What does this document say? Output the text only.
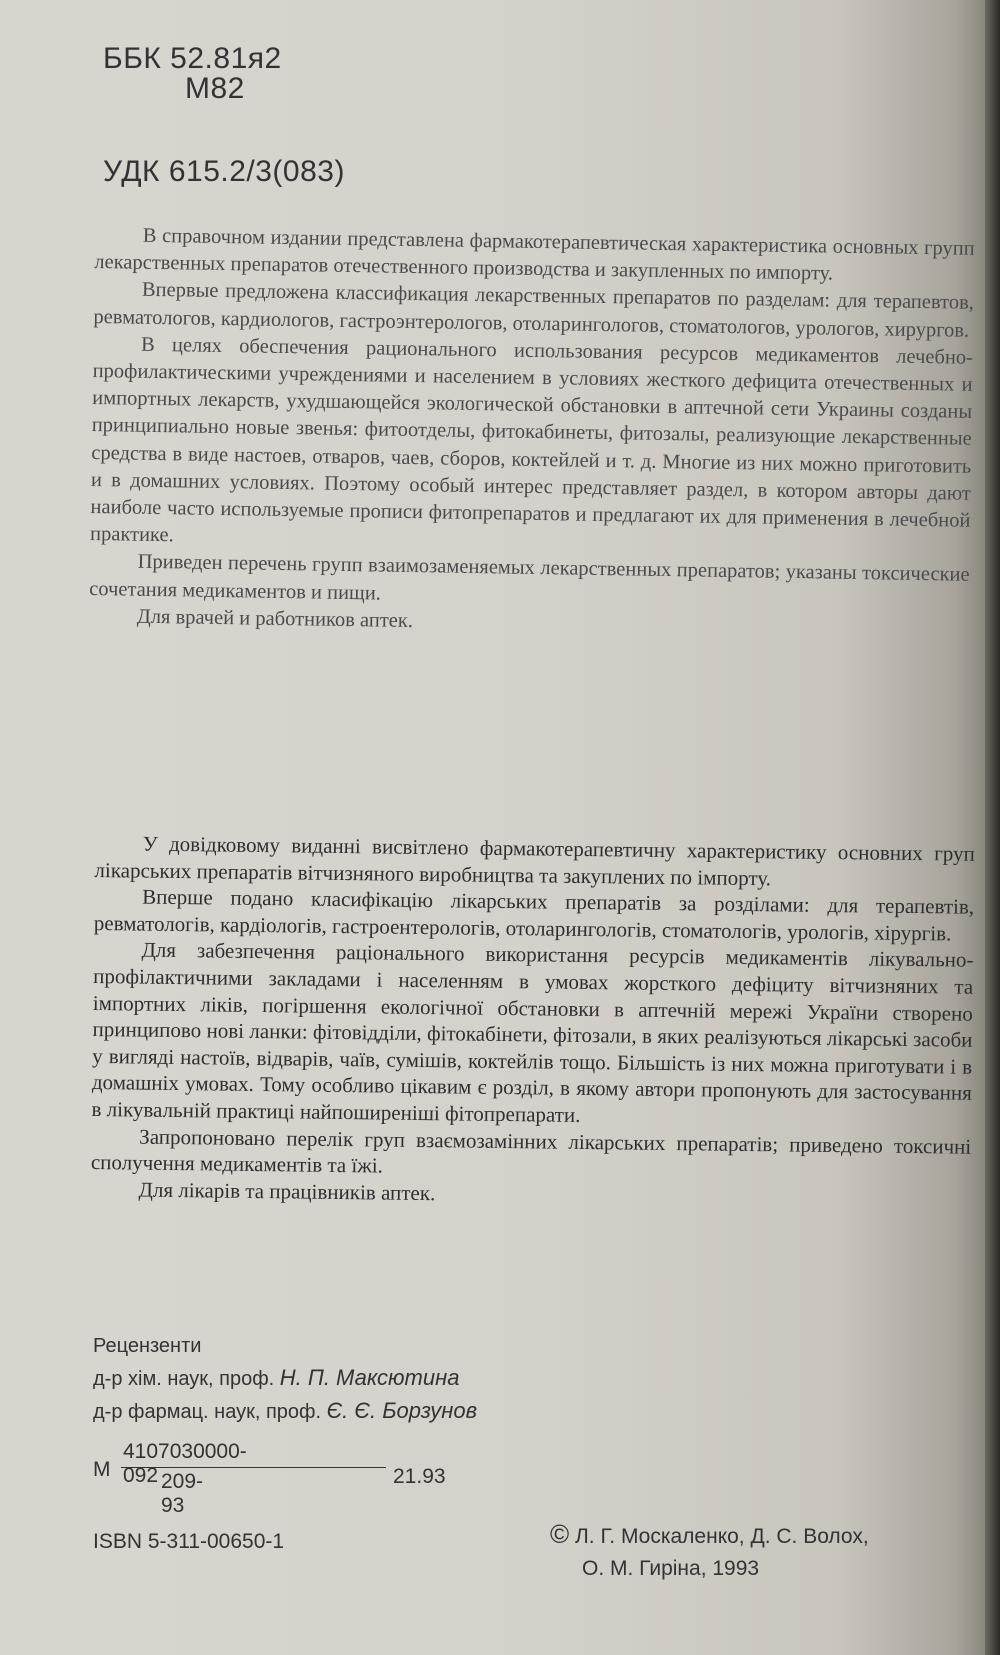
ББК 52.81я2
М82
УДК 615.2/3(083)

В справочном издании представлена фармакотерапевтическая характеристика основных групп лекарственных препаратов отечественного производства и закупленных по импорту.

Впервые предложена классификация лекарственных препаратов по разделам: для терапевтов, ревматологов, кардиологов, гастроэнтерологов, отоларингологов, стоматологов, урологов, хирургов.

В целях обеспечения рационального использования ресурсов медикаментов лечебно-профилактическими учреждениями и населением в условиях жесткого дефицита отечественных и импортных лекарств, ухудшающейся экологической обстановки в аптечной сети Украины созданы принципиально новые звенья: фитоотделы, фитокабинеты, фитозалы, реализующие лекарственные средства в виде настоев, отваров, чаев, сборов, коктейлей и т. д. Многие из них можно приготовить и в домашних условиях. Поэтому особый интерес представляет раздел, в котором авторы дают наиболе часто используемые прописи фитопрепаратов и предлагают их для применения в лечебной практике.

Приведен перечень групп взаимозаменяемых лекарственных препаратов; указаны токсические сочетания медикаментов и пищи.

Для врачей и работников аптек.

У довідковому виданні висвітлено фармакотерапевтичну характеристику основних груп лікарських препаратів вітчизняного виробництва та закуплених по імпорту.

Вперше подано класифікацію лікарських препаратів за розділами: для терапевтів, ревматологів, кардіологів, гастроентерологів, отоларингологів, стоматологів, урологів, хірургів.

Для забезпечення раціонального використання ресурсів медикаментів лікувально-профілактичними закладами і населенням в умовах жорсткого дефіциту вітчизняних та імпортних ліків, погіршення екологічної обстановки в аптечній мережі України створено принципово нові ланки: фітовідділи, фітокабінети, фітозали, в яких реалізуються лікарські засоби у вигляді настоїв, відварів, чаїв, сумішів, коктейлів тощо. Більшість із них можна приготувати і в домашніх умовах. Тому особливо цікавим є розділ, в якому автори пропонують для застосування в лікувальній практиці найпоширеніші фітопрепарати.

Запропоновано перелік груп взаємозамінних лікарських препаратів; приведено токсичні сполучення медикаментів та їжі.

Для лікарів та працівників аптек.

Рецензенти
д-р хім. наук, проф. Н. П. Максютина
д-р фармац. наук, проф. Є. Є. Борзунов
М
4107030000-092 209-93
21.93
ISBN 5-311-00650-1	© Л. Г. Москаленко, Д. С. Волох,
О. М. Гиріна, 1993
